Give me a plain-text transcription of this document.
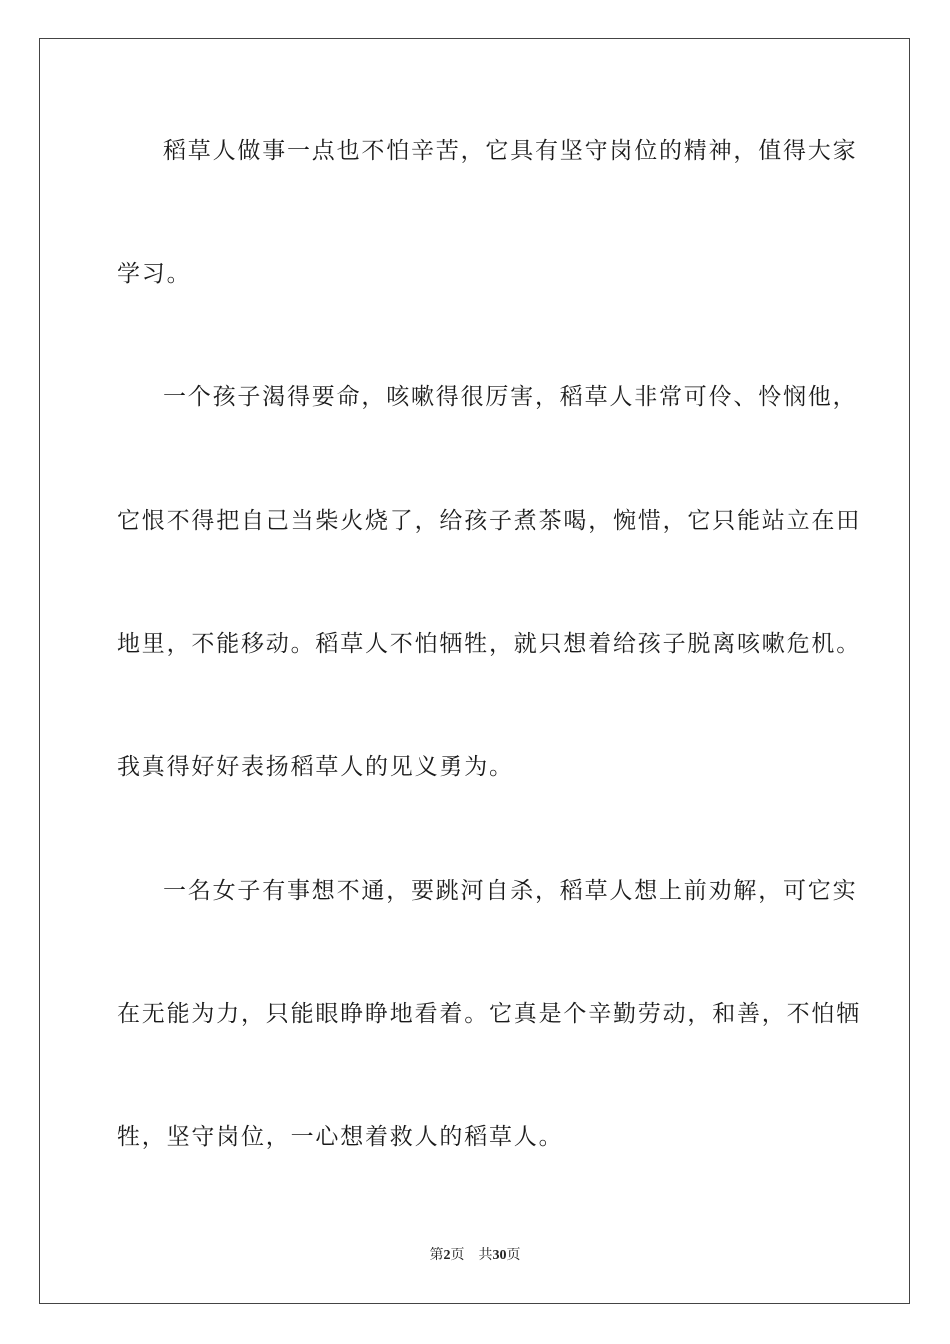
稻草人做事一点也不怕辛苦，它具有坚守岗位的精神，值得大家
学习。
一个孩子渴得要命，咳嗽得很厉害，稻草人非常可伶、怜悯他，
它恨不得把自己当柴火烧了，给孩子煮茶喝，惋惜，它只能站立在田
地里，不能移动。稻草人不怕牺牲，就只想着给孩子脱离咳嗽危机。
我真得好好表扬稻草人的见义勇为。
一名女子有事想不通，要跳河自杀，稻草人想上前劝解，可它实
在无能为力，只能眼睁睁地看着。它真是个辛勤劳动，和善，不怕牺
牲，坚守岗位，一心想着救人的稻草人。
第2页 共30页
